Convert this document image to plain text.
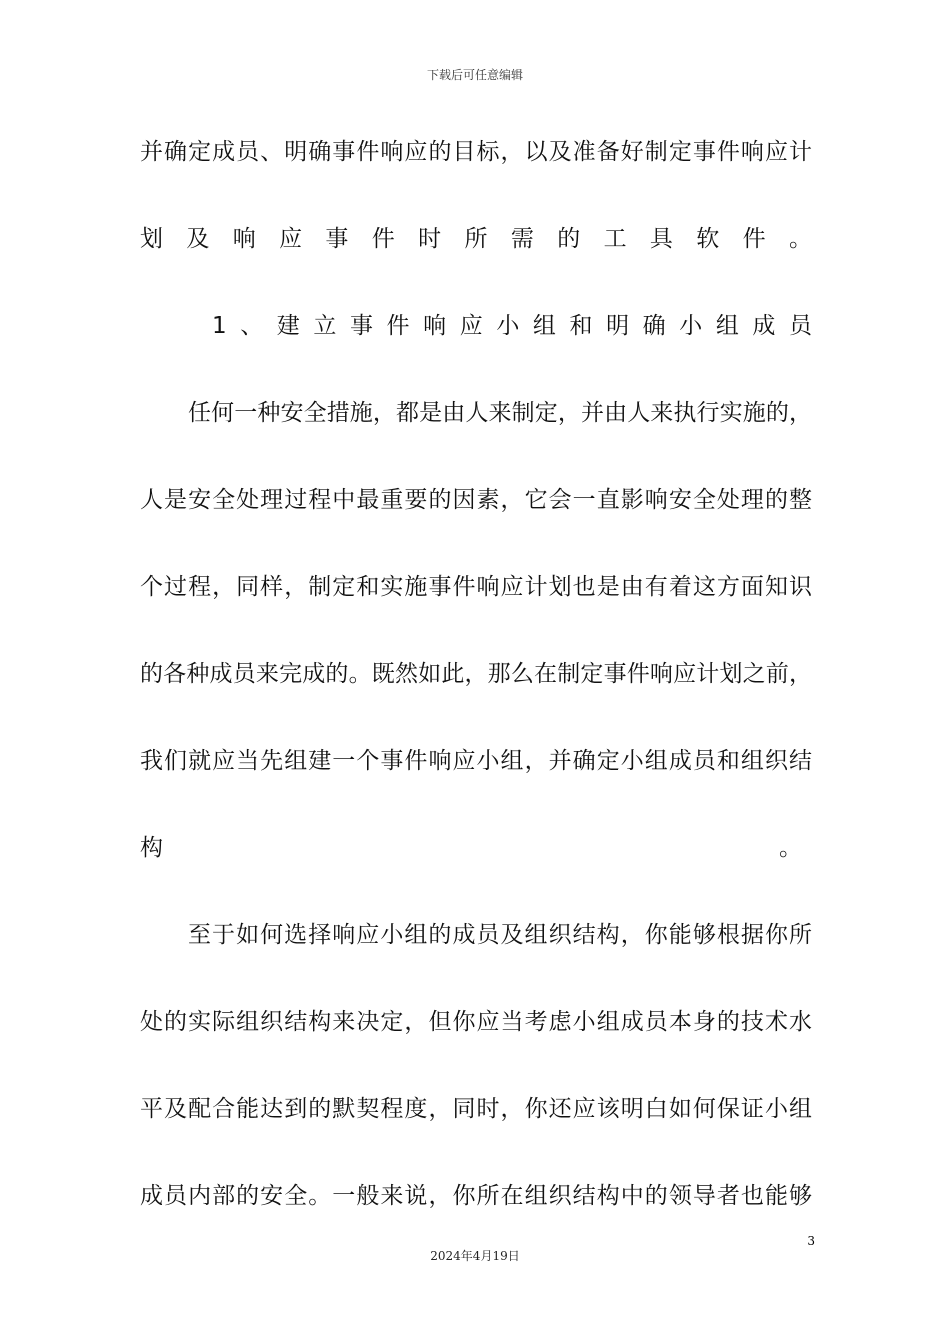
下载后可任意编辑
并确定成员、明确事件响应的目标，以及准备好制定事件响应计
划及响应事件时所需的工具软件。
1、建立事件响应小组和明确小组成员
任何一种安全措施，都是由人来制定，并由人来执行实施的，
人是安全处理过程中最重要的因素，它会一直影响安全处理的整
个过程，同样，制定和实施事件响应计划也是由有着这方面知识
的各种成员来完成的。既然如此，那么在制定事件响应计划之前，
我们就应当先组建一个事件响应小组，并确定小组成员和组织结
构	。
至于如何选择响应小组的成员及组织结构，你能够根据你所
处的实际组织结构来决定，但你应当考虑小组成员本身的技术水
平及配合能达到的默契程度，同时，你还应该明白如何保证小组
成员内部的安全。一般来说，你所在组织结构中的领导者也能够
3
2024年4月19日
